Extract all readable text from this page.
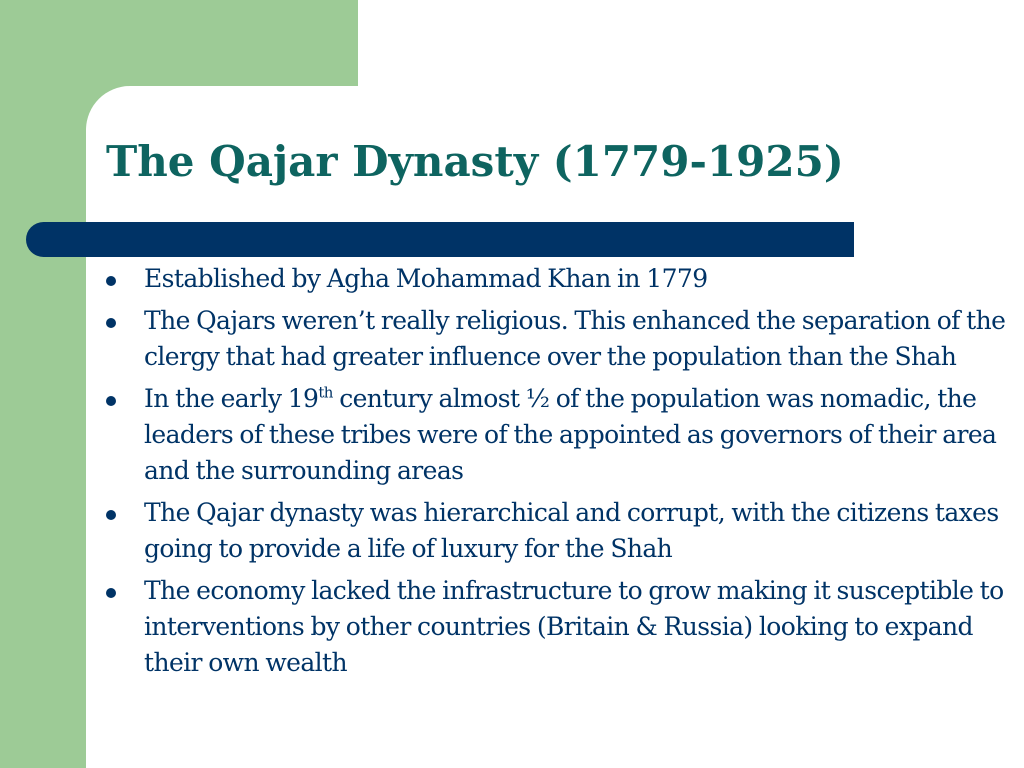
The Qajar Dynasty (1779-1925)
Established by Agha Mohammad Khan in 1779
The Qajars weren’t really religious. This enhanced the separation of the clergy that had greater influence over the population than the Shah
In the early 19th century almost ½ of the population was nomadic, the leaders of these tribes were of the appointed as governors of their area and the surrounding areas
The Qajar dynasty was hierarchical and corrupt, with the citizens taxes going to provide a life of luxury for the Shah
The economy lacked the infrastructure to grow making it susceptible to interventions by other countries (Britain & Russia) looking to expand their own wealth
